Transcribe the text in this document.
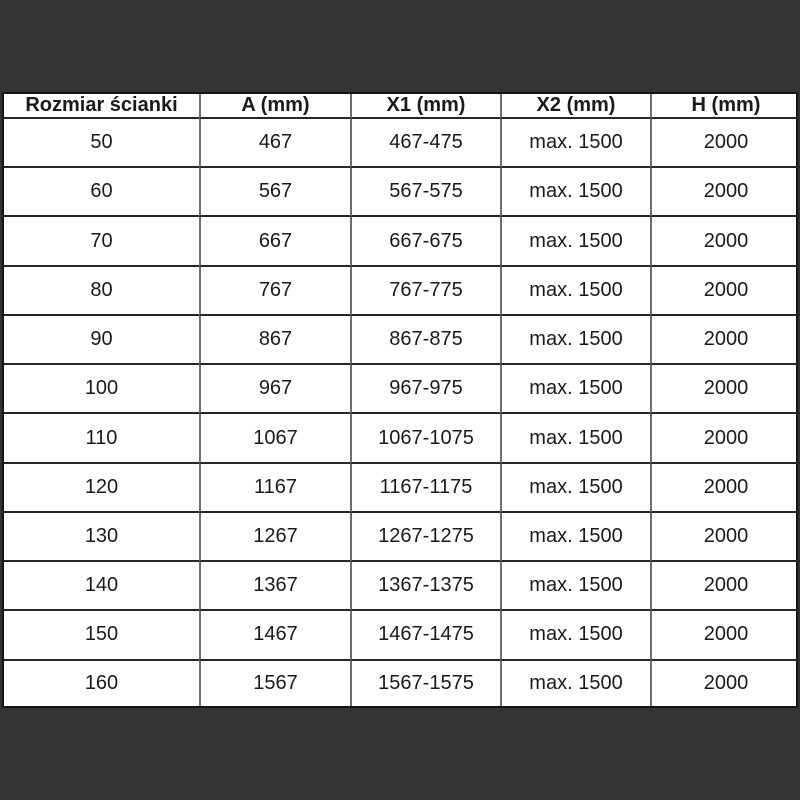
Rozmiar ścianki	A (mm)	X1 (mm)	X2 (mm)	H (mm)
50	467	467-475	max. 1500	2000
60	567	567-575	max. 1500	2000
70	667	667-675	max. 1500	2000
80	767	767-775	max. 1500	2000
90	867	867-875	max. 1500	2000
100	967	967-975	max. 1500	2000
110	1067	1067-1075	max. 1500	2000
120	1167	1167-1175	max. 1500	2000
130	1267	1267-1275	max. 1500	2000
140	1367	1367-1375	max. 1500	2000
150	1467	1467-1475	max. 1500	2000
160	1567	1567-1575	max. 1500	2000
